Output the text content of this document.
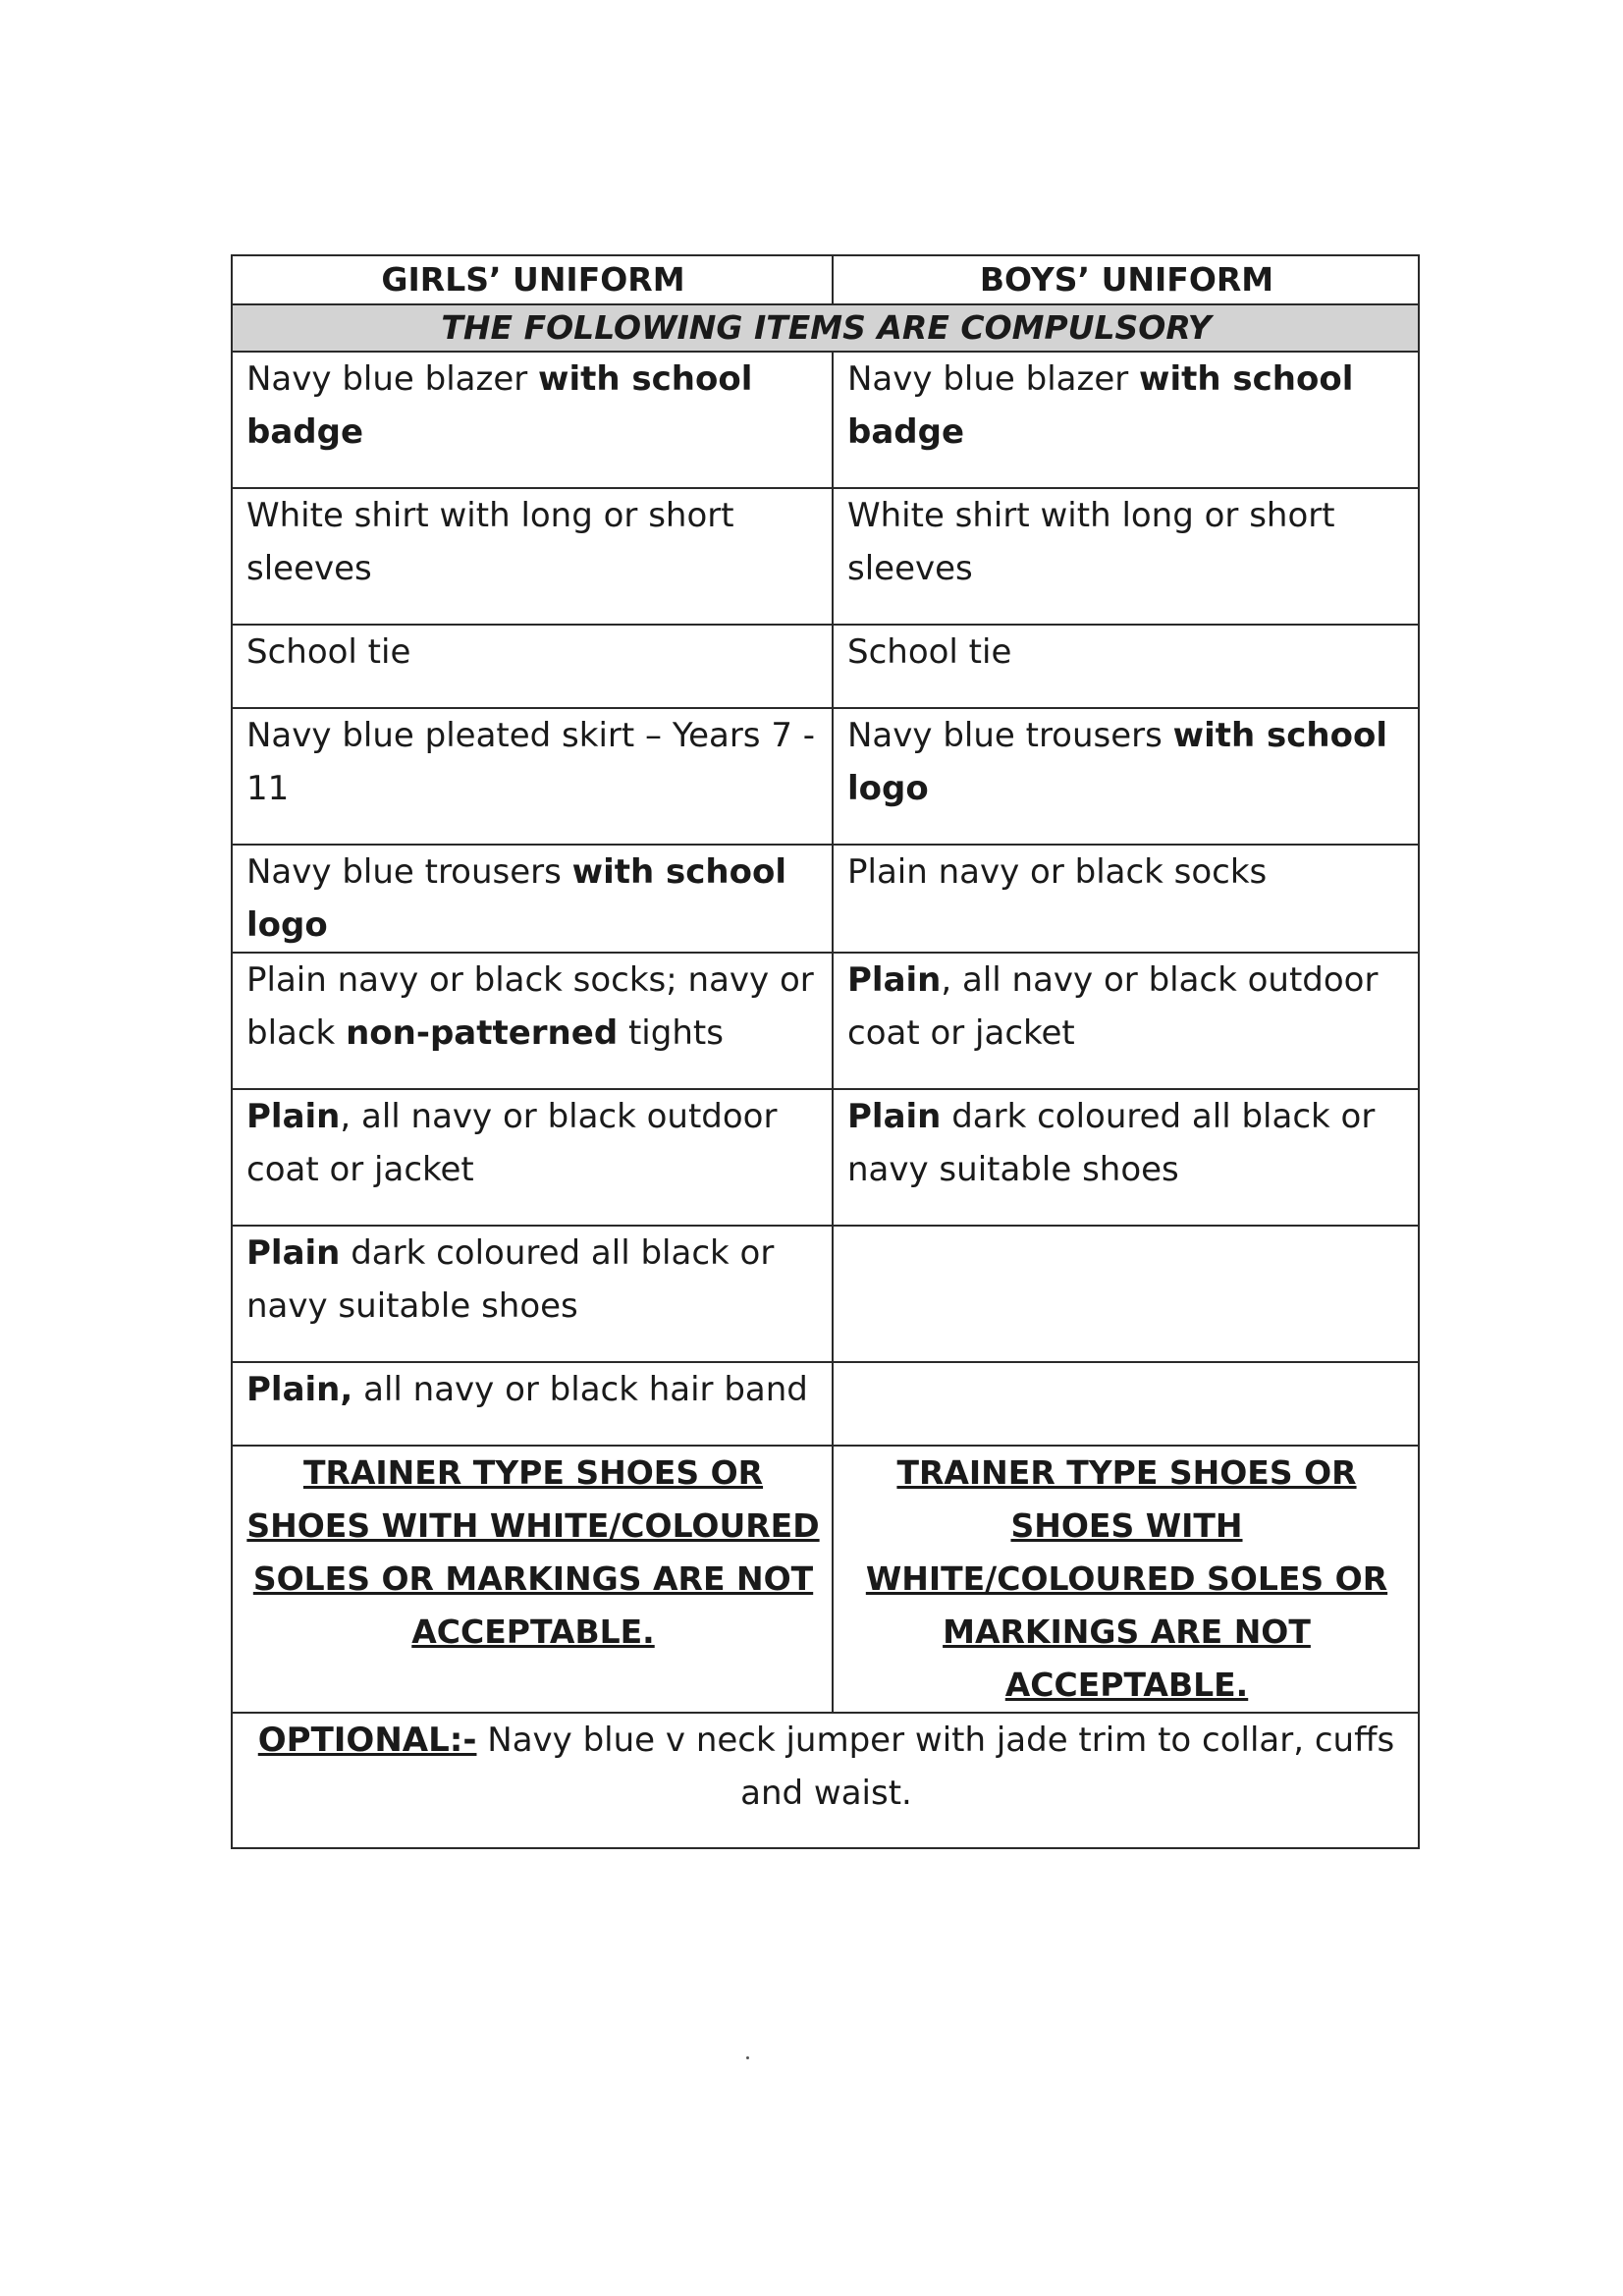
GIRLS’ UNIFORM	BOYS’ UNIFORM
THE FOLLOWING ITEMS ARE COMPULSORY	
Navy blue blazer with school badge	Navy blue blazer with school badge
White shirt with long or short sleeves	White shirt with long or short sleeves
School tie	School tie
Navy blue pleated skirt – Years 7 - 11	Navy blue trousers with school logo
Navy blue trousers with school logo	Plain navy or black socks
Plain navy or black socks; navy or black non-patterned tights	Plain, all navy or black outdoor coat or jacket
Plain, all navy or black outdoor coat or jacket	Plain dark coloured all black or navy suitable shoes
Plain dark coloured all black or navy suitable shoes	
Plain, all navy or black hair band	
TRAINER TYPE SHOES OR SHOES WITH WHITE/COLOURED SOLES OR MARKINGS ARE NOT ACCEPTABLE.	TRAINER TYPE SHOES OR SHOES WITH WHITE/COLOURED SOLES OR MARKINGS ARE NOT ACCEPTABLE.
OPTIONAL:- Navy blue v neck jumper with jade trim to collar, cuffs and waist.	
